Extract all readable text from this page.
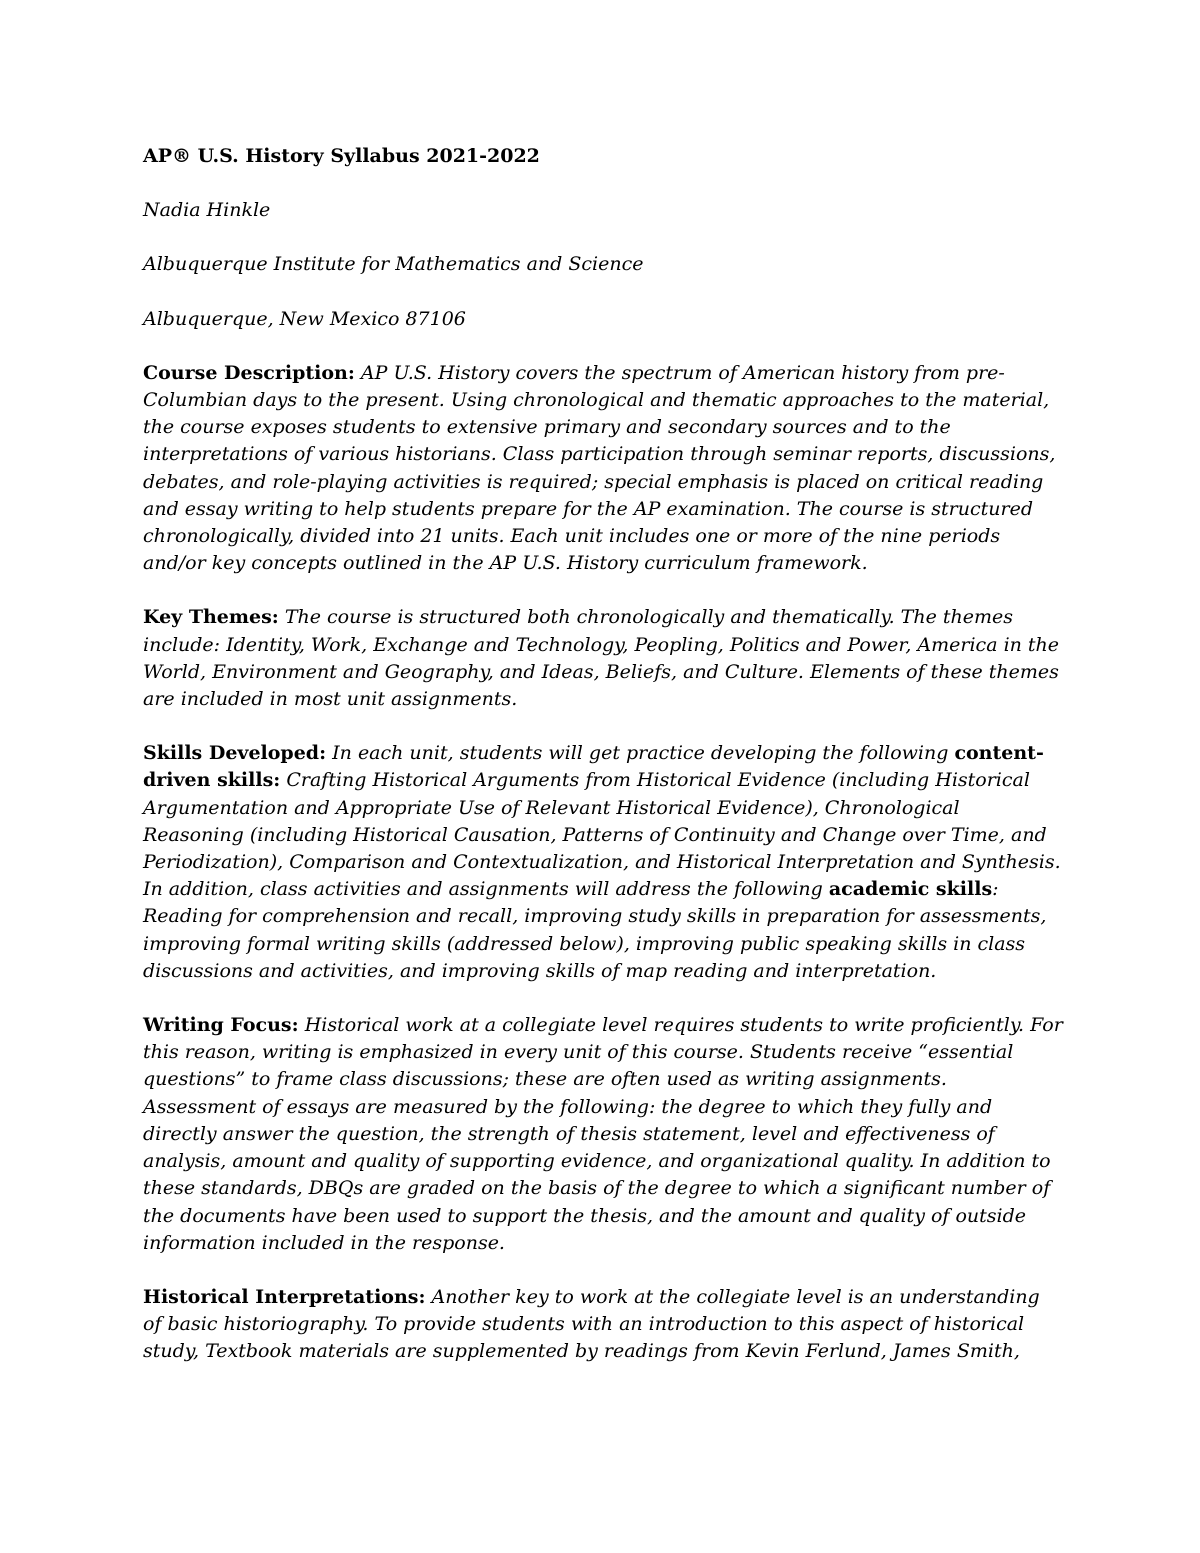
AP® U.S. History Syllabus 2021-2022
Nadia Hinkle
Albuquerque Institute for Mathematics and Science
Albuquerque, New Mexico 87106

Course Description: AP U.S. History covers the spectrum of American history from pre-Columbian days to the present. Using chronological and thematic approaches to the material, the course exposes students to extensive primary and secondary sources and to the interpretations of various historians. Class participation through seminar reports, discussions, debates, and role-playing activities is required; special emphasis is placed on critical reading and essay writing to help students prepare for the AP examination. The course is structured chronologically, divided into 21 units. Each unit includes one or more of the nine periods and/or key concepts outlined in the AP U.S. History curriculum framework.

Key Themes: The course is structured both chronologically and thematically. The themes include: Identity, Work, Exchange and Technology, Peopling, Politics and Power, America in the World, Environment and Geography, and Ideas, Beliefs, and Culture. Elements of these themes are included in most unit assignments.

Skills Developed: In each unit, students will get practice developing the following content-driven skills: Crafting Historical Arguments from Historical Evidence (including Historical Argumentation and Appropriate Use of Relevant Historical Evidence), Chronological Reasoning (including Historical Causation, Patterns of Continuity and Change over Time, and Periodization), Comparison and Contextualization, and Historical Interpretation and Synthesis. In addition, class activities and assignments will address the following academic skills: Reading for comprehension and recall, improving study skills in preparation for assessments, improving formal writing skills (addressed below), improving public speaking skills in class discussions and activities, and improving skills of map reading and interpretation.

Writing Focus: Historical work at a collegiate level requires students to write proficiently. For this reason, writing is emphasized in every unit of this course. Students receive “essential questions” to frame class discussions; these are often used as writing assignments. Assessment of essays are measured by the following: the degree to which they fully and directly answer the question, the strength of thesis statement, level and effectiveness of analysis, amount and quality of supporting evidence, and organizational quality. In addition to these standards, DBQs are graded on the basis of the degree to which a significant number of the documents have been used to support the thesis, and the amount and quality of outside information included in the response.

Historical Interpretations: Another key to work at the collegiate level is an understanding of basic historiography. To provide students with an introduction to this aspect of historical study, Textbook materials are supplemented by readings from Kevin Ferlund, James Smith,
